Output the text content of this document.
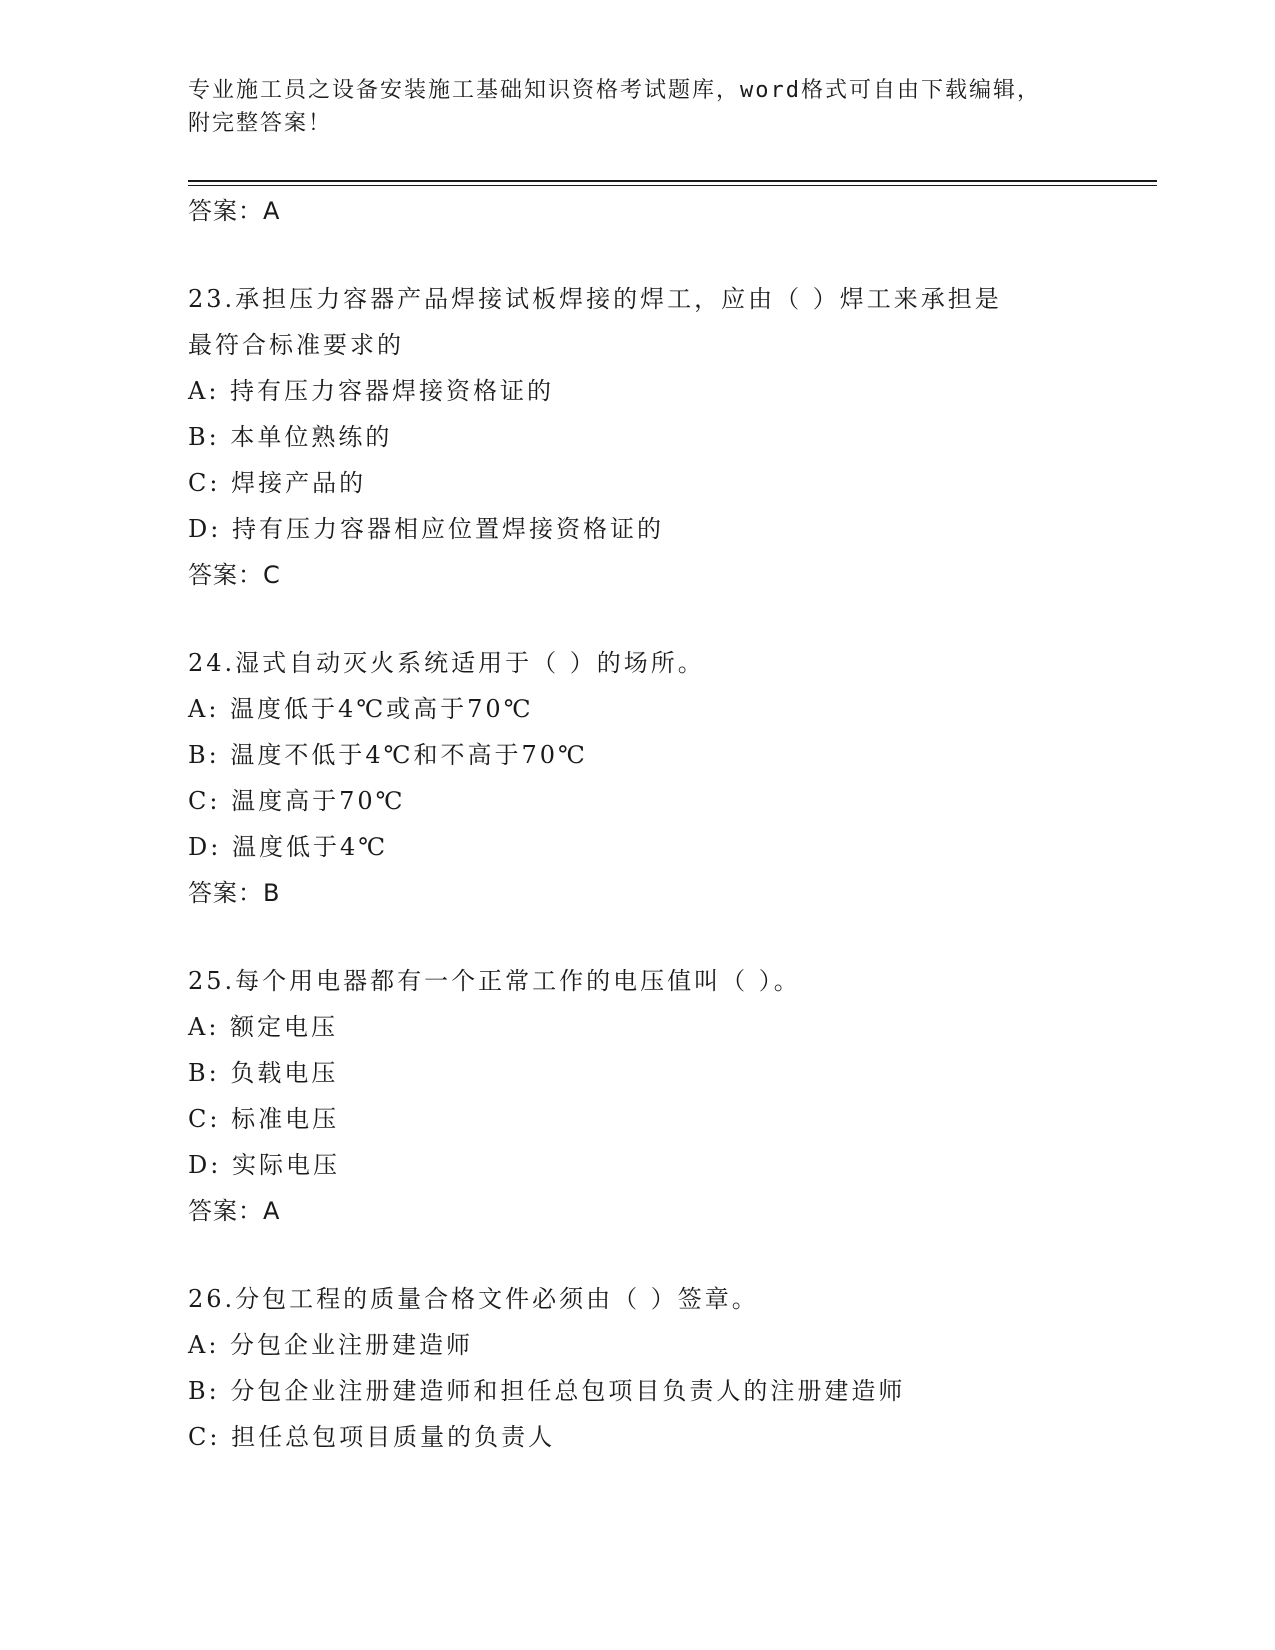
专业施工员之设备安装施工基础知识资格考试题库，word格式可自由下载编辑，
附完整答案！
答案：A
23.承担压力容器产品焊接试板焊接的焊工，应由（ ）焊工来承担是
最符合标准要求的
A: 持有压力容器焊接资格证的
B: 本单位熟练的
C: 焊接产品的
D: 持有压力容器相应位置焊接资格证的
答案：C
24.湿式自动灭火系统适用于（ ）的场所。
A: 温度低于4℃或高于70℃
B: 温度不低于4℃和不高于70℃
C: 温度高于70℃
D: 温度低于4℃
答案：B
25.每个用电器都有一个正常工作的电压值叫（ ）。
A: 额定电压
B: 负载电压
C: 标准电压
D: 实际电压
答案：A
26.分包工程的质量合格文件必须由（ ）签章。
A: 分包企业注册建造师
B: 分包企业注册建造师和担任总包项目负责人的注册建造师
C: 担任总包项目质量的负责人
